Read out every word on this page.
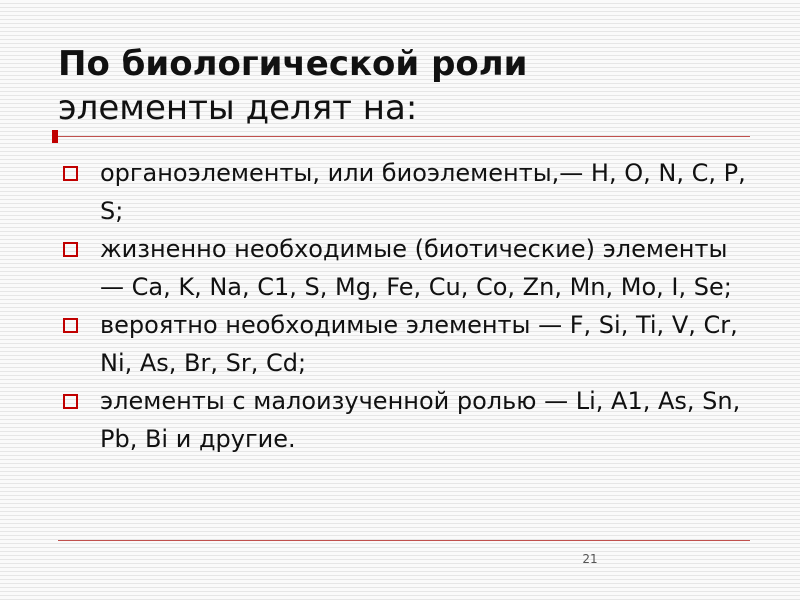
По биологической роли
элементы делят на:
органоэлементы, или биоэлементы,— H, O, N, C, P, S;
жизненно необходимые (биотические) элементы — Ca, K, Na, C1, S, Mg, Fe, Cu, Co, Zn, Mn, Mo, I, Se;
вероятно необходимые элементы — F, Si, Ti, V, Cr, Ni, As, Br, Sr, Cd;
элементы с малоизученной ролью — Li, A1, As, Sn, Pb, Bi и другие.
21
